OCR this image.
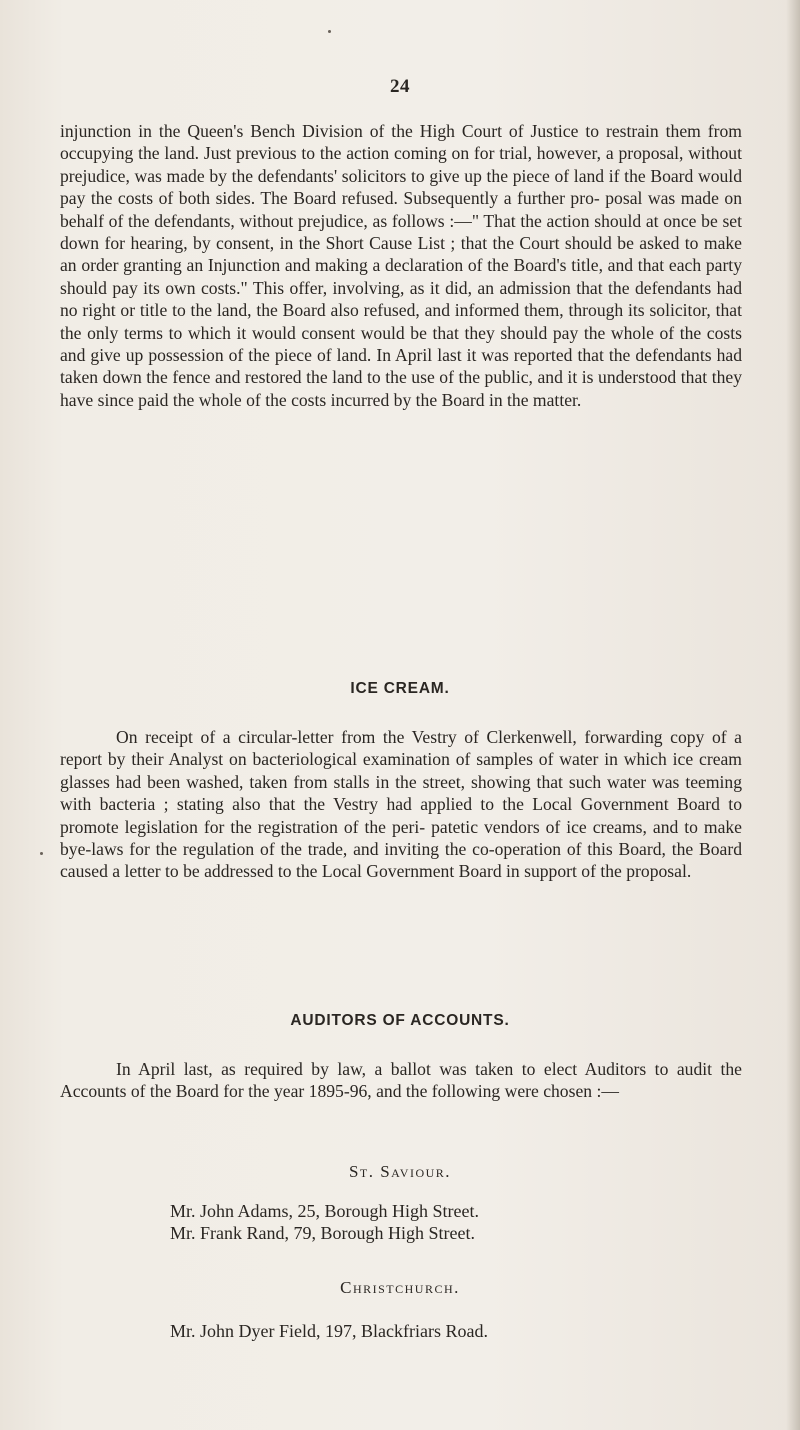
24

injunction in the Queen's Bench Division of the High Court of Justice to restrain them from occupying the land. Just previous to the action coming on for trial, however, a proposal, without prejudice, was made by the defendants' solicitors to give up the piece of land if the Board would pay the costs of both sides. The Board refused. Subsequently a further pro- posal was made on behalf of the defendants, without prejudice, as follows :—" That the action should at once be set down for hearing, by consent, in the Short Cause List ; that the Court should be asked to make an order granting an Injunction and making a declaration of the Board's title, and that each party should pay its own costs." This offer, involving, as it did, an admission that the defendants had no right or title to the land, the Board also refused, and informed them, through its solicitor, that the only terms to which it would consent would be that they should pay the whole of the costs and give up possession of the piece of land. In April last it was reported that the defendants had taken down the fence and restored the land to the use of the public, and it is understood that they have since paid the whole of the costs incurred by the Board in the matter.

ICE CREAM.

On receipt of a circular-letter from the Vestry of Clerkenwell, forwarding copy of a report by their Analyst on bacteriological examination of samples of water in which ice cream glasses had been washed, taken from stalls in the street, showing that such water was teeming with bacteria ; stating also that the Vestry had applied to the Local Government Board to promote legislation for the registration of the peri- patetic vendors of ice creams, and to make bye-laws for the regulation of the trade, and inviting the co-operation of this Board, the Board caused a letter to be addressed to the Local Government Board in support of the proposal.

AUDITORS OF ACCOUNTS.

In April last, as required by law, a ballot was taken to elect Auditors to audit the Accounts of the Board for the year 1895-96, and the following were chosen :—

St. Saviour.
Mr. John Adams, 25, Borough High Street.
Mr. Frank Rand, 79, Borough High Street.
Christchurch.
Mr. John Dyer Field, 197, Blackfriars Road.
